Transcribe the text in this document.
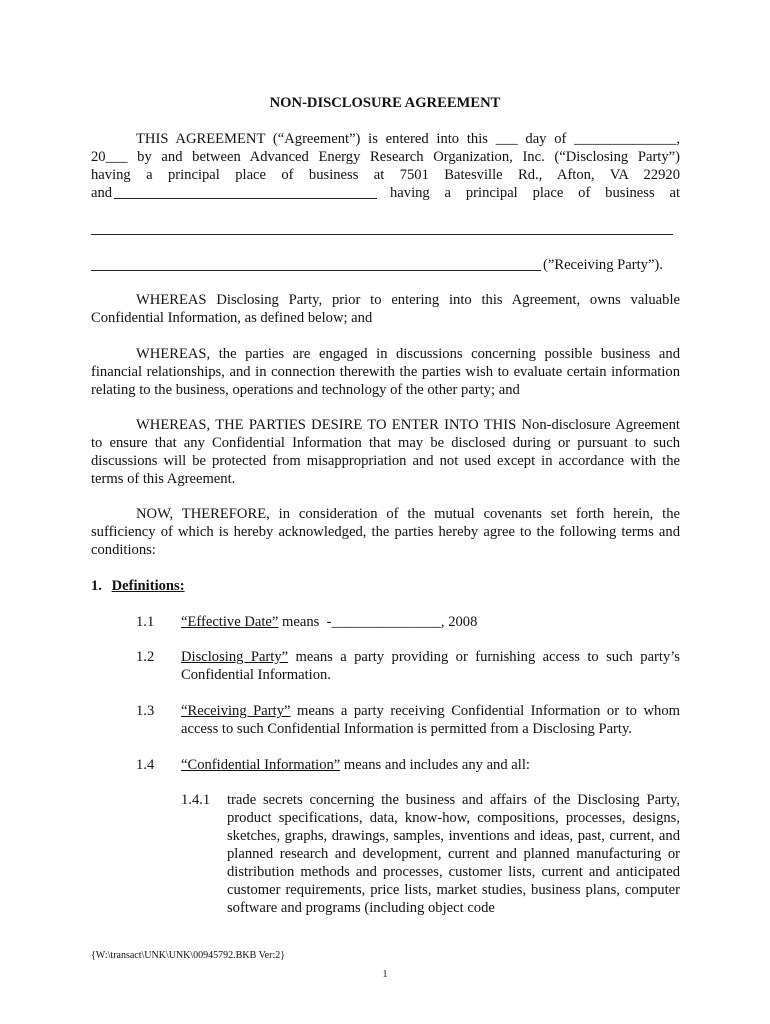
NON-DISCLOSURE AGREEMENT

THIS AGREEMENT (“Agreement”) is entered into this ___ day of ______________,
20___ by and between Advanced Energy Research Organization, Inc. (“Disclosing Party”)
having a principal place of business at 7501 Batesville Rd., Afton, VA 22920
and	having a principal place of business at
(”Receiving Party”).

WHEREAS Disclosing Party, prior to entering into this Agreement, owns valuable Confidential Information, as defined below; and

WHEREAS, the parties are engaged in discussions concerning possible business and financial relationships, and in connection therewith the parties wish to evaluate certain information relating to the business, operations and technology of the other party; and

WHEREAS, THE PARTIES DESIRE TO ENTER INTO THIS Non-disclosure Agreement to ensure that any Confidential Information that may be disclosed during or pursuant to such discussions will be protected from misappropriation and not used except in accordance with the terms of this Agreement.

NOW, THEREFORE, in consideration of the mutual covenants set forth herein, the sufficiency of which is hereby acknowledged, the parties hereby agree to the following terms and conditions:

1. Definitions:

1.1 “Effective Date” means  -_______________, 2008

1.2 Disclosing Party” means a party providing or furnishing access to such party’s Confidential Information.

1.3 “Receiving Party” means a party receiving Confidential Information or to whom access to such Confidential Information is permitted from a Disclosing Party.

1.4 “Confidential Information” means and includes any and all:

1.4.1 trade secrets concerning the business and affairs of the Disclosing Party, product specifications, data, know-how, compositions, processes, designs, sketches, graphs, drawings, samples, inventions and ideas, past, current, and planned research and development, current and planned manufacturing or distribution methods and processes, customer lists, current and anticipated customer requirements, price lists, market studies, business plans, computer software and programs (including object code

{W:\transact\UNK\UNK\00945792.BKB Ver:2}

1
